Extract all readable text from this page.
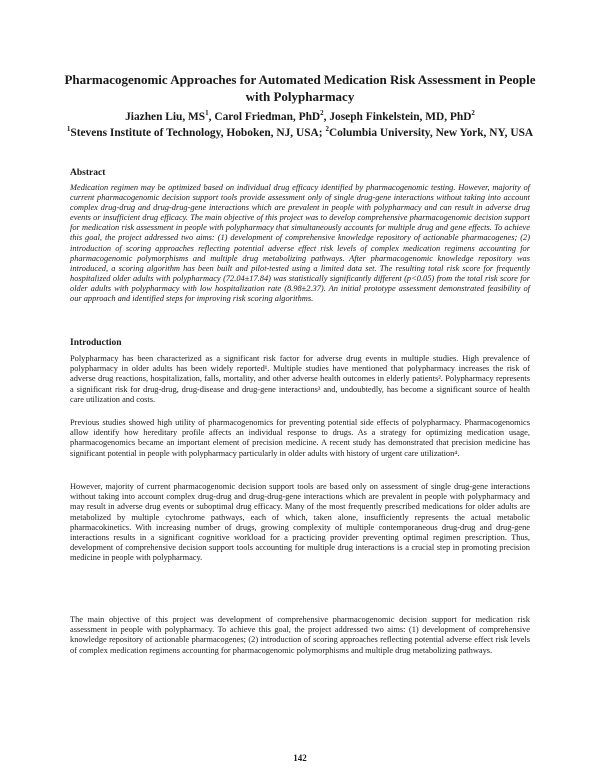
Pharmacogenomic Approaches for Automated Medication Risk Assessment in People with Polypharmacy
Jiazhen Liu, $MS^1$, Carol Friedman, PhD$^2$, Joseph Finkelstein, MD, PhD$^2$
$^1$Stevens Institute of Technology, Hoboken, NJ, USA; $^2$Columbia University, New York, NY, USA
Abstract

Medication regimen may be optimized based on individual drug efficacy identified by pharmacogenomic testing. However, majority of current pharmacogenomic decision support tools provide assessment only of single drug-gene interactions without taking into account complex drug-drug and drug-drug-gene interactions which are prevalent in people with polypharmacy and can result in adverse drug events or insufficient drug efficacy. The main objective of this project was to develop comprehensive pharmacogenomic decision support for medication risk assessment in people with polypharmacy that simultaneously accounts for multiple drug and gene effects. To achieve this goal, the project addressed two aims: (1) development of comprehensive knowledge repository of actionable pharmacogenes; (2) introduction of scoring approaches reflecting potential adverse effect risk levels of complex medication regimens accounting for pharmacogenomic polymorphisms and multiple drug metabolizing pathways. After pharmacogenomic knowledge repository was introduced, a scoring algorithm has been built and pilot-tested using a limited data set. The resulting total risk score for frequently hospitalized older adults with polypharmacy (72.04±17.84) was statistically significantly different (p<0.05) from the total risk score for older adults with polypharmacy with low hospitalization rate (8.98±2.37). An initial prototype assessment demonstrated feasibility of our approach and identified steps for improving risk scoring algorithms.

Introduction

Polypharmacy has been characterized as a significant risk factor for adverse drug events in multiple studies. High prevalence of polypharmacy in older adults has been widely reported¹. Multiple studies have mentioned that polypharmacy increases the risk of adverse drug reactions, hospitalization, falls, mortality, and other adverse health outcomes in elderly patients². Polypharmacy represents a significant risk for drug-drug, drug-disease and drug-gene interactions³ and, undoubtedly, has become a significant source of health care utilization and costs.

Previous studies showed high utility of pharmacogenomics for preventing potential side effects of polypharmacy. Pharmacogenomics allow identify how hereditary profile affects an individual response to drugs. As a strategy for optimizing medication usage, pharmacogenomics became an important element of precision medicine. A recent study has demonstrated that precision medicine has significant potential in people with polypharmacy particularly in older adults with history of urgent care utilization⁴.

However, majority of current pharmacogenomic decision support tools are based only on assessment of single drug-gene interactions without taking into account complex drug-drug and drug-drug-gene interactions which are prevalent in people with polypharmacy and may result in adverse drug events or suboptimal drug efficacy. Many of the most frequently prescribed medications for older adults are metabolized by multiple cytochrome pathways, each of which, taken alone, insufficiently represents the actual metabolic pharmacokinetics. With increasing number of drugs, growing complexity of multiple contemporaneous drug-drug and drug-gene interactions results in a significant cognitive workload for a practicing provider preventing optimal regimen prescription. Thus, development of comprehensive decision support tools accounting for multiple drug interactions is a crucial step in promoting precision medicine in people with polypharmacy.

The main objective of this project was development of comprehensive pharmacogenomic decision support for medication risk assessment in people with polypharmacy. To achieve this goal, the project addressed two aims: (1) development of comprehensive knowledge repository of actionable pharmacogenes; (2) introduction of scoring approaches reflecting potential adverse effect risk levels of complex medication regimens accounting for pharmacogenomic polymorphisms and multiple drug metabolizing pathways.

142
